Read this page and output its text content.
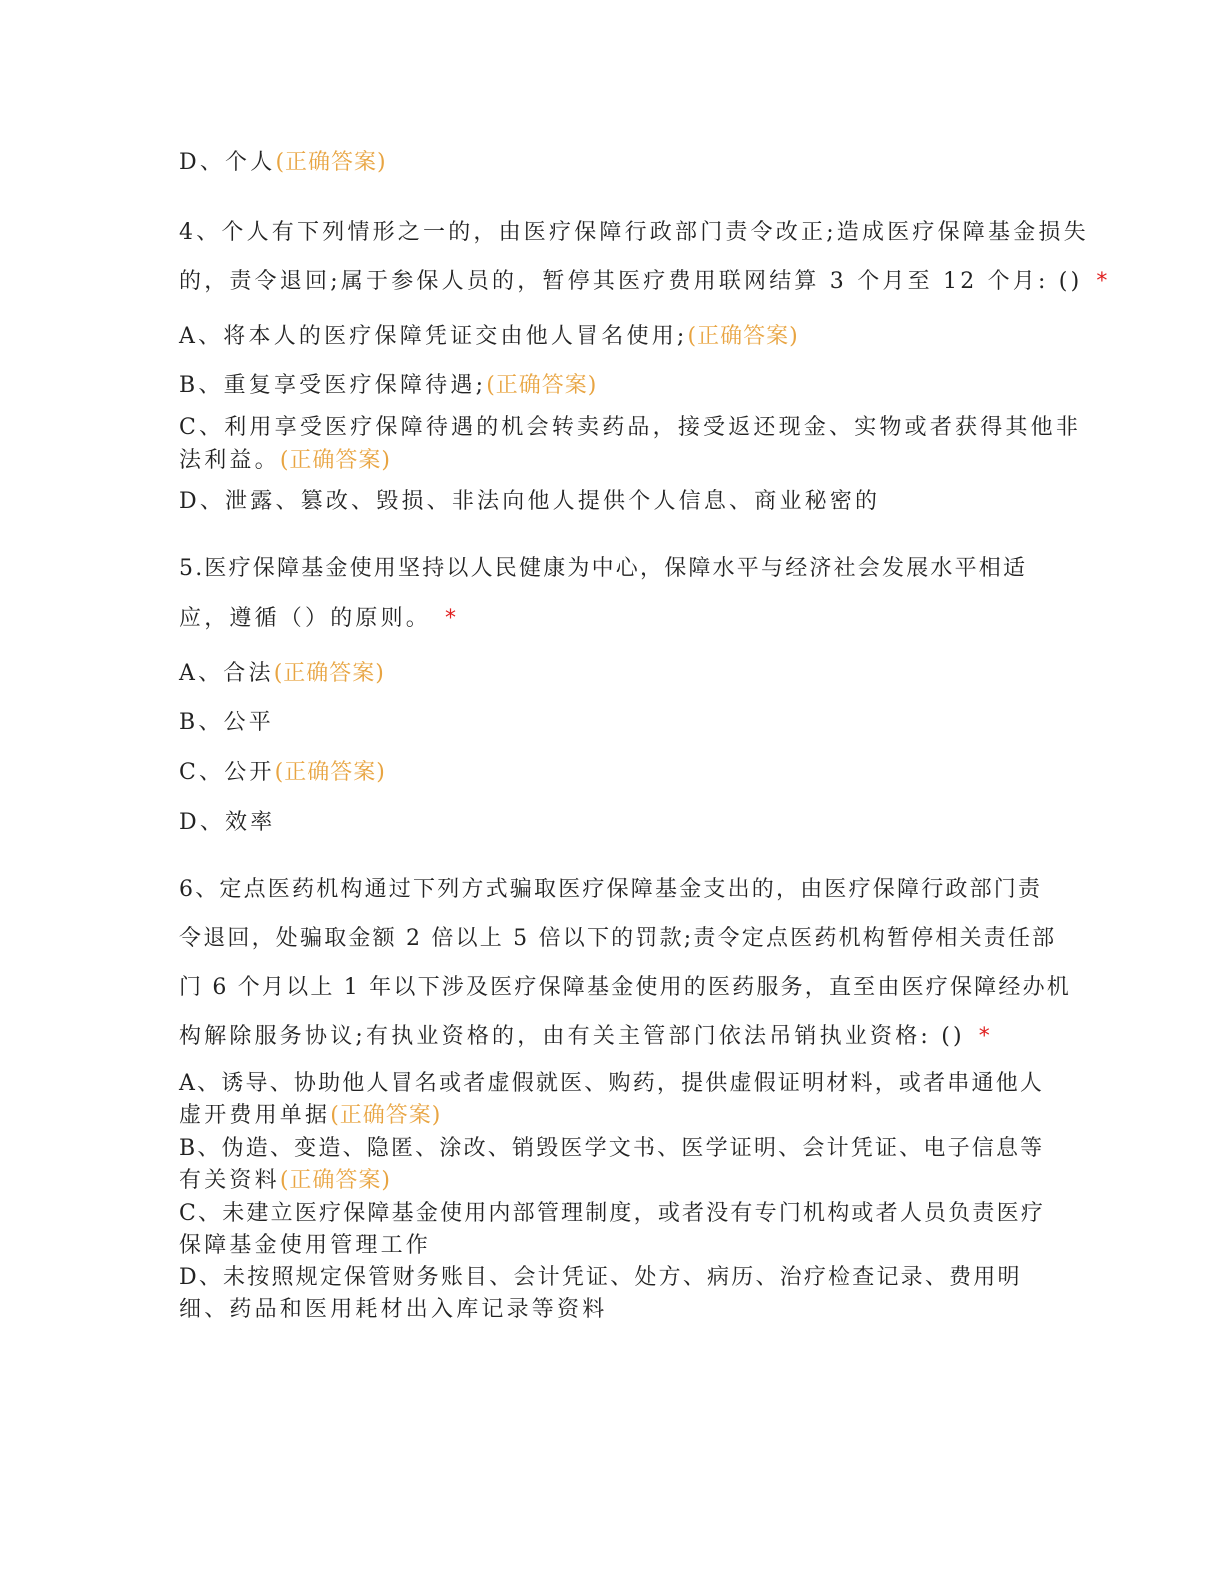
D、个人(正确答案)
4、个人有下列情形之一的，由医疗保障行政部门责令改正;造成医疗保障基金损失
的，责令退回;属于参保人员的，暂停其医疗费用联网结算 3 个月至 12 个月: () *
A、将本人的医疗保障凭证交由他人冒名使用;(正确答案)
B、重复享受医疗保障待遇;(正确答案)
C、利用享受医疗保障待遇的机会转卖药品，接受返还现金、实物或者获得其他非
法利益。(正确答案)
D、泄露、篡改、毁损、非法向他人提供个人信息、商业秘密的
5.医疗保障基金使用坚持以人民健康为中心，保障水平与经济社会发展水平相适
应，遵循（）的原则。 *
A、合法(正确答案)
B、公平
C、公开(正确答案)
D、效率
6、定点医药机构通过下列方式骗取医疗保障基金支出的，由医疗保障行政部门责
令退回，处骗取金额 2 倍以上 5 倍以下的罚款;责令定点医药机构暂停相关责任部
门 6 个月以上 1 年以下涉及医疗保障基金使用的医药服务，直至由医疗保障经办机
构解除服务协议;有执业资格的，由有关主管部门依法吊销执业资格: () *
A、诱导、协助他人冒名或者虚假就医、购药，提供虚假证明材料，或者串通他人
虚开费用单据(正确答案)
B、伪造、变造、隐匿、涂改、销毁医学文书、医学证明、会计凭证、电子信息等
有关资料(正确答案)
C、未建立医疗保障基金使用内部管理制度，或者没有专门机构或者人员负责医疗
保障基金使用管理工作
D、未按照规定保管财务账目、会计凭证、处方、病历、治疗检查记录、费用明
细、药品和医用耗材出入库记录等资料
